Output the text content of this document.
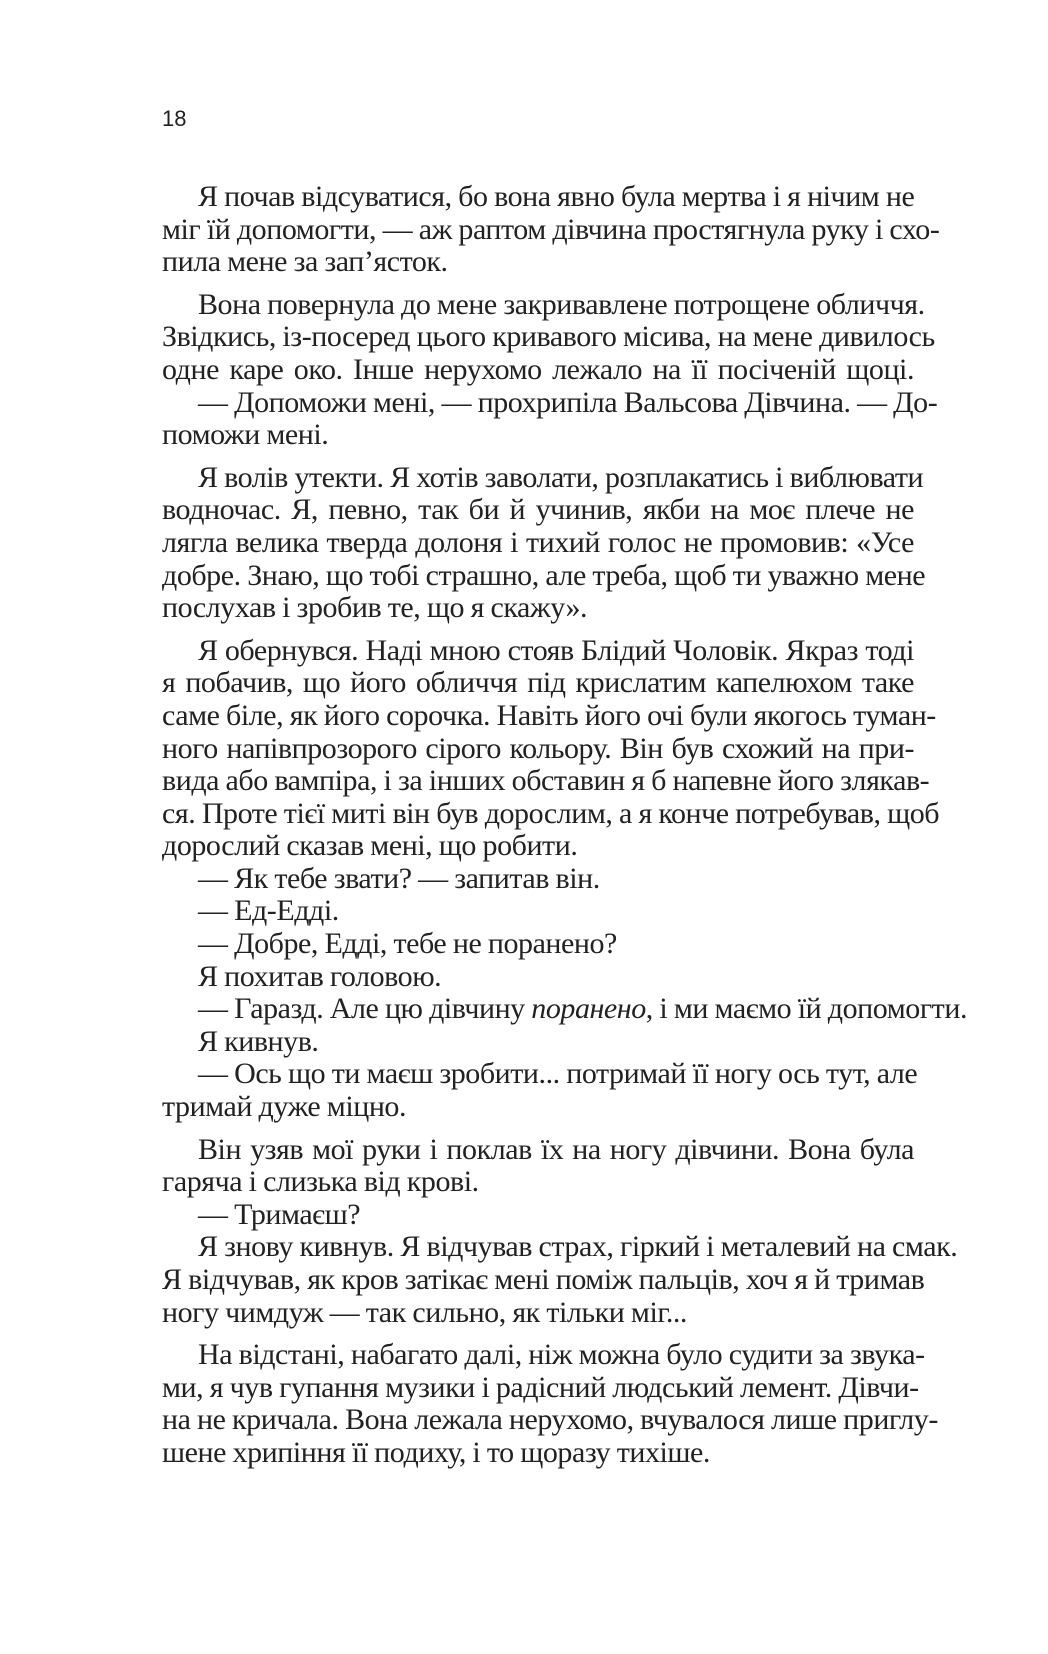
18

Я почав відсуватися, бо вона явно була мертва і я нічим не
міг їй допомогти, — аж раптом дівчина простягнула руку і схо-
пила мене за зап’ясток.
Вона повернула до мене закривавлене потрощене обличчя.
Звідкись, із-посеред цього кривавого місива, на мене дивилось
одне каре око. Інше нерухомо лежало на її посіченій щоці.
— Допоможи мені, — прохрипіла Вальсова Дівчина. — До-
поможи мені.
Я волів утекти. Я хотів заволати, розплакатись і виблювати
водночас. Я, певно, так би й учинив, якби на моє плече не
лягла велика тверда долоня і тихий голос не промовив: «Усе
добре. Знаю, що тобі страшно, але треба, щоб ти уважно мене
послухав і зробив те, що я скажу».
Я обернувся. Наді мною стояв Блідий Чоловік. Якраз тоді
я побачив, що його обличчя під крислатим капелюхом таке
саме біле, як його сорочка. Навіть його очі були якогось туман-
ного напівпрозорого сірого кольору. Він був схожий на при-
вида або вампіра, і за інших обставин я б напевне його злякав-
ся. Проте тієї миті він був дорослим, а я конче потребував, щоб
дорослий сказав мені, що робити.
— Як тебе звати? — запитав він.
— Ед-Едді.
— Добре, Едді, тебе не поранено?
Я похитав головою.
— Гаразд. Але цю дівчину поранено, і ми маємо їй допомогти.
Я кивнув.
— Ось що ти маєш зробити... потримай її ногу ось тут, але
тримай дуже міцно.
Він узяв мої руки і поклав їх на ногу дівчини. Вона була
гаряча і слизька від крові.
— Тримаєш?
Я знову кивнув. Я відчував страх, гіркий і металевий на смак.
Я відчував, як кров затікає мені поміж пальців, хоч я й тримав
ногу чимдуж — так сильно, як тільки міг...
На відстані, набагато далі, ніж можна було судити за звука-
ми, я чув гупання музики і радісний людський лемент. Дівчи-
на не кричала. Вона лежала нерухомо, вчувалося лише приглу-
шене хрипіння її подиху, і то щоразу тихіше.
